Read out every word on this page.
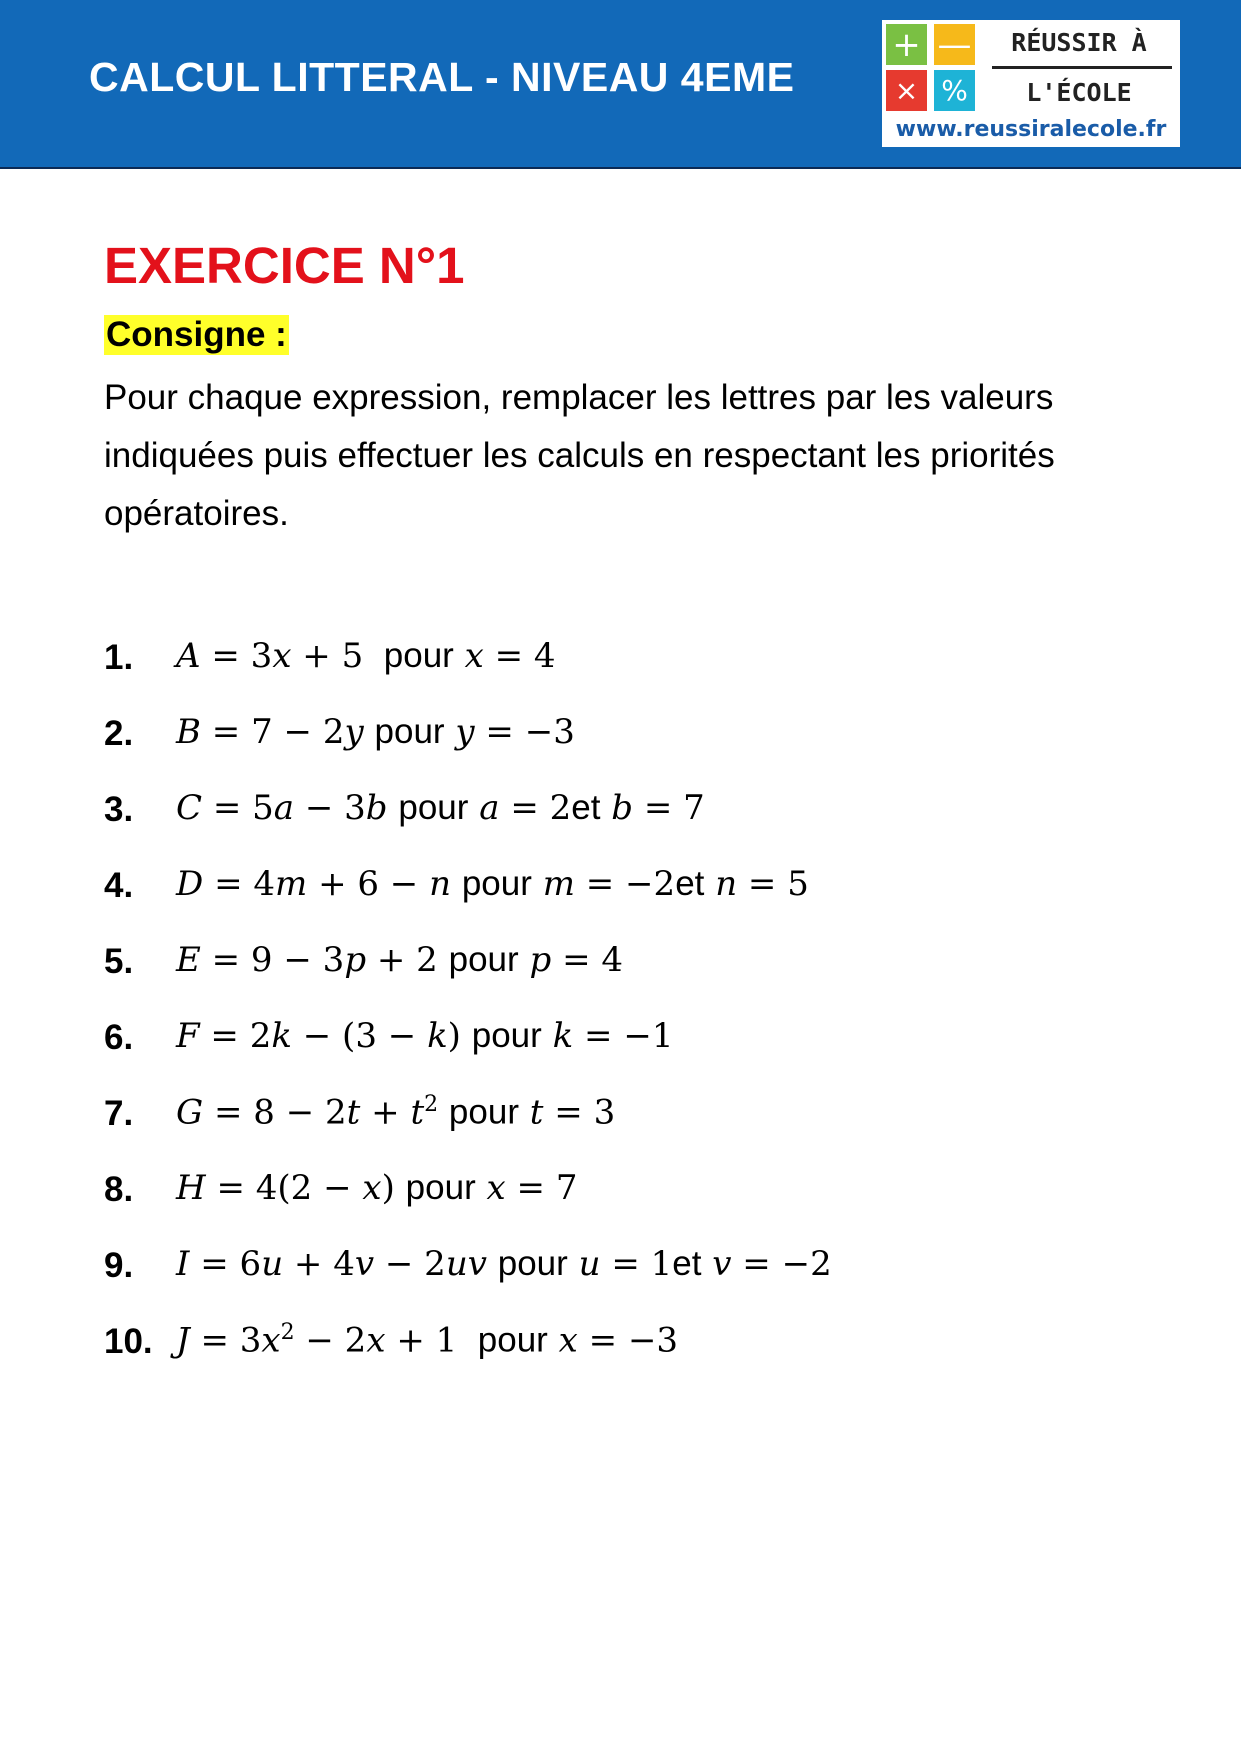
CALCUL LITTERAL - NIVEAU 4EME
+ —
× %
RÉUSSIR À
L'ÉCOLE
www.reussiralecole.fr
EXERCICE N°1
Consigne :
Pour chaque expression, remplacer les lettres par les valeurs indiquées puis effectuer les calculs en respectant les priorités opératoires.
1. A = 3x + 5  pour x = 4
2. B = 7 − 2y pour y = −3
3. C = 5a − 3b pour a = 2et b = 7
4. D = 4m + 6 − n pour m = −2et n = 5
5. E = 9 − 3p + 2 pour p = 4
6. F = 2k − (3 − k) pour k = −1
7. $G = 8 - 2t + t^2$ pour t = 3
8. H = 4(2 − x) pour x = 7
9. I = 6u + 4v − 2uv pour u = 1et v = −2
10. $J = 3x^2 - 2x + 1$  pour x = −3
